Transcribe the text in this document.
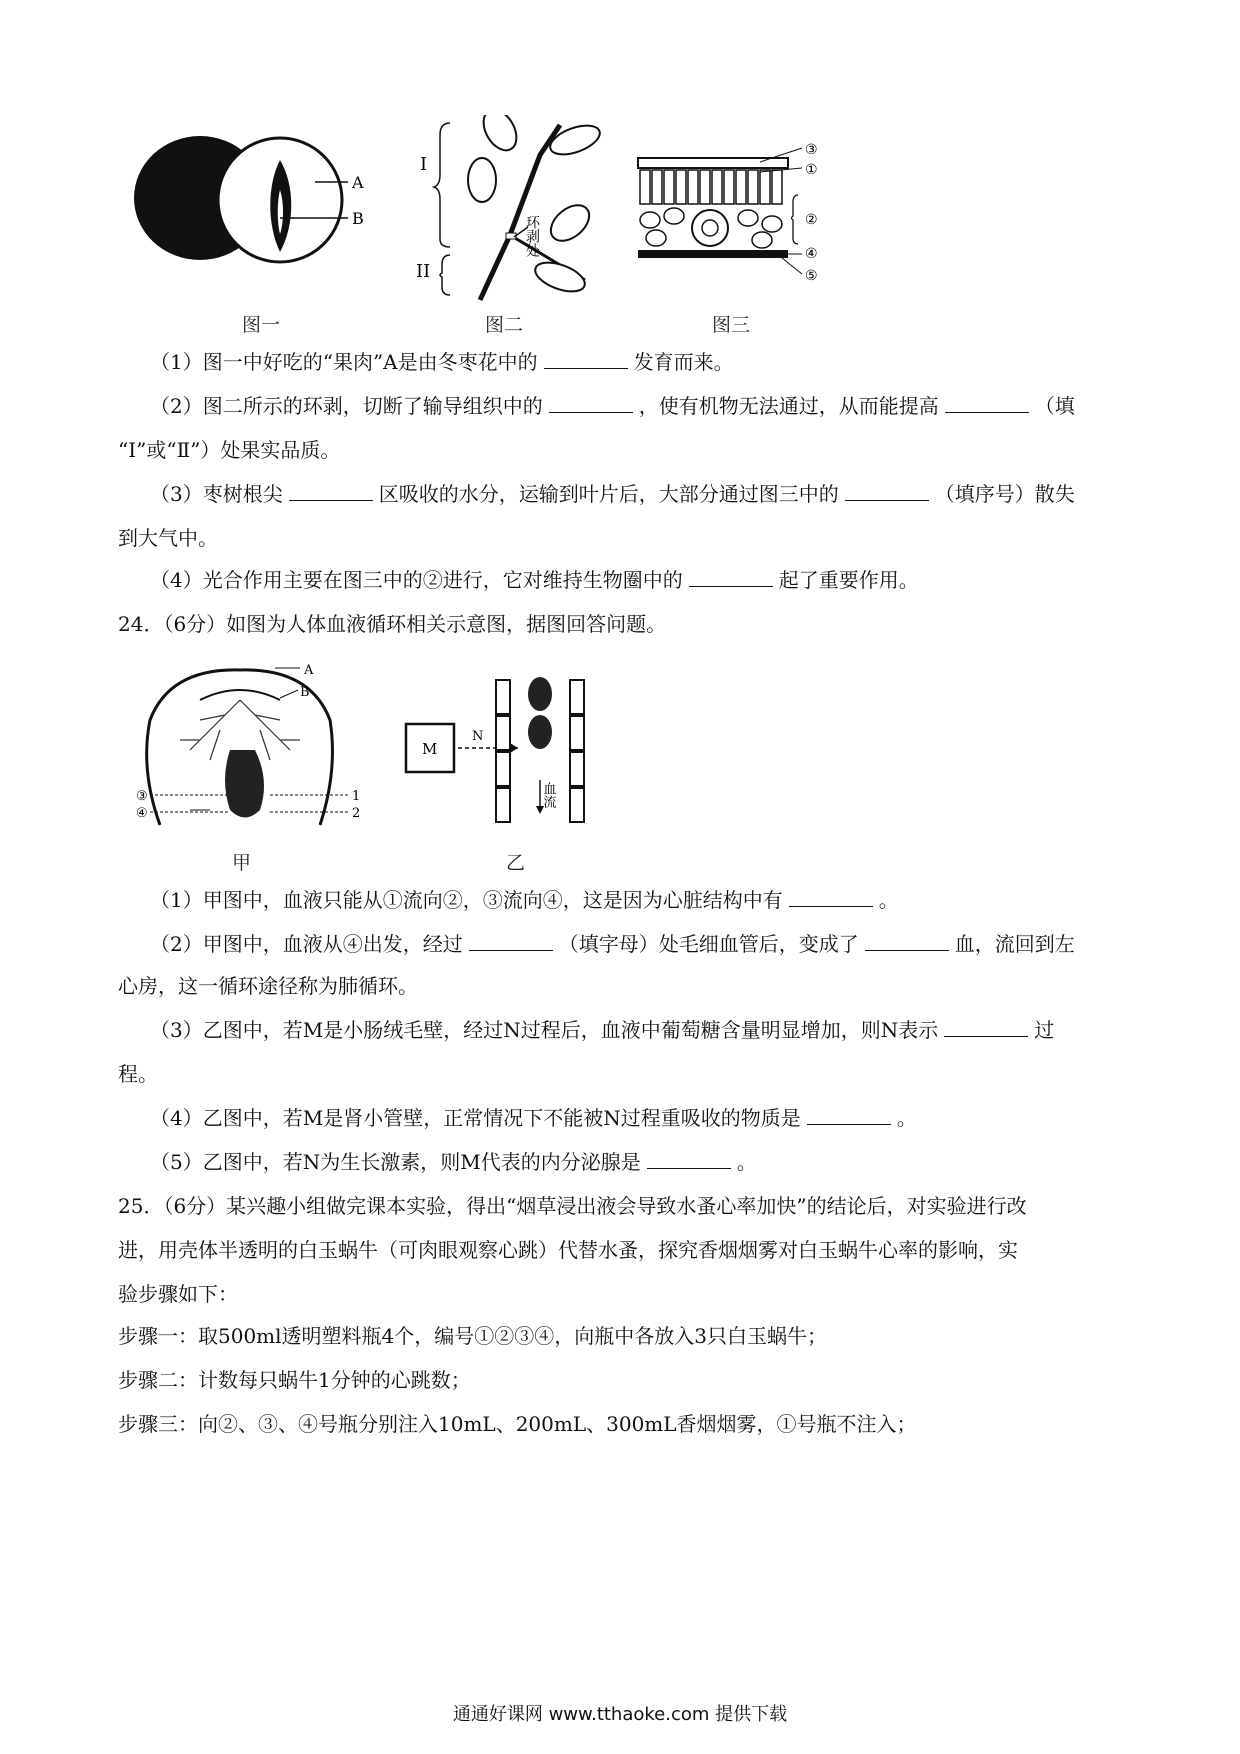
A
B
I
II
环剥处
③
①
②
④
⑤
图一	图二	图三
（1）图一中好吃的“果肉”A是由冬枣花中的	发育而来。
（2）图二所示的环剥，切断了输导组织中的	，使有机物无法通过，从而能提高	（填
“Ⅰ”或“Ⅱ”）处果实品质。
（3）枣树根尖	区吸收的水分，运输到叶片后，大部分通过图三中的	（填序号）散失
到大气中。
（4）光合作用主要在图三中的②进行，它对维持生物圈中的	起了重要作用。
24．（6分）如图为人体血液循环相关示意图，据图回答问题。
A
B
③
④
1
2
M
N
血流
甲	乙
（1）甲图中，血液只能从①流向②，③流向④，这是因为心脏结构中有	。
（2）甲图中，血液从④出发，经过	（填字母）处毛细血管后，变成了	血，流回到左
心房，这一循环途径称为肺循环。
（3）乙图中，若M是小肠绒毛壁，经过N过程后，血液中葡萄糖含量明显增加，则N表示	过
程。
（4）乙图中，若M是肾小管壁，正常情况下不能被N过程重吸收的物质是	。
（5）乙图中，若N为生长激素，则M代表的内分泌腺是	。
25．（6分）某兴趣小组做完课本实验，得出“烟草浸出液会导致水蚤心率加快”的结论后，对实验进行改
进，用壳体半透明的白玉蜗牛（可肉眼观察心跳）代替水蚤，探究香烟烟雾对白玉蜗牛心率的影响，实
验步骤如下：
步骤一：取500ml透明塑料瓶4个，编号①②③④，向瓶中各放入3只白玉蜗牛；
步骤二：计数每只蜗牛1分钟的心跳数；
步骤三：向②、③、④号瓶分别注入10mL、200mL、300mL香烟烟雾，①号瓶不注入；
通通好课网 www.tthaoke.com 提供下载
